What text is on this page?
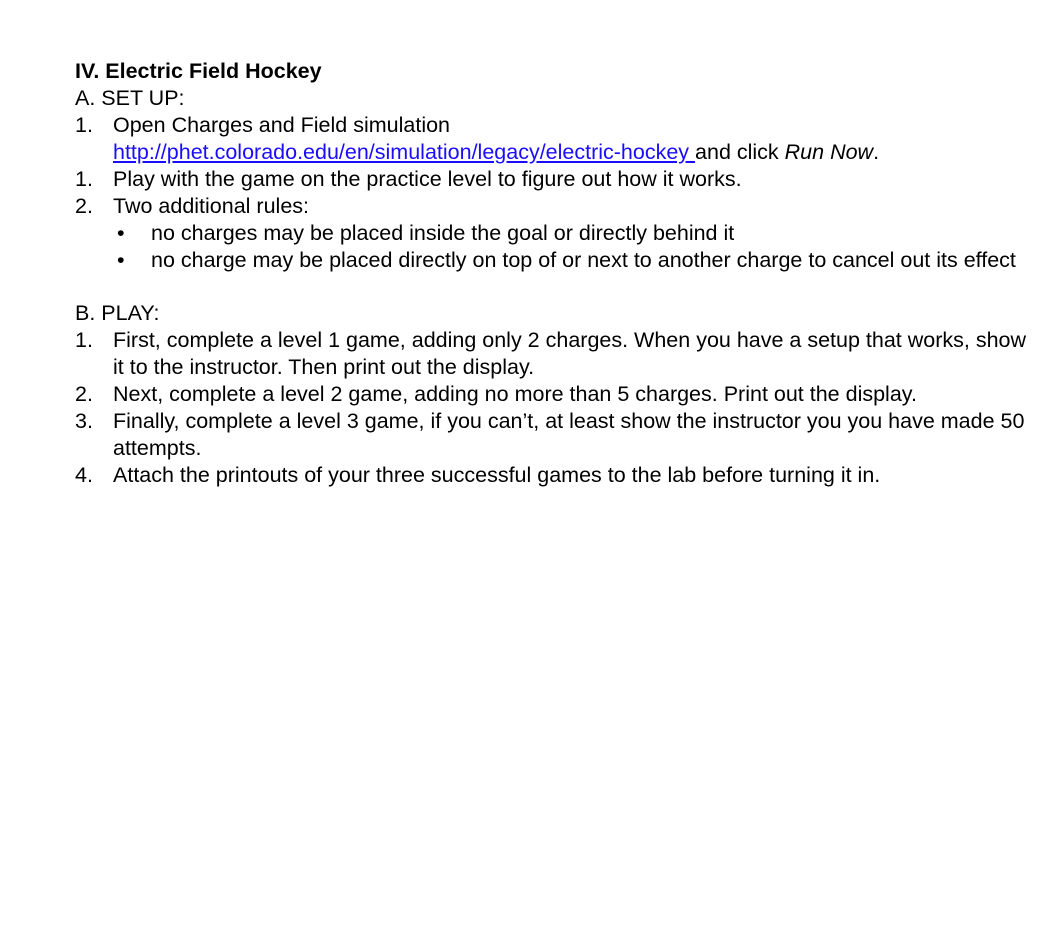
IV. Electric Field Hockey
A. SET UP:
1. Open Charges and Field simulation
http://phet.colorado.edu/en/simulation/legacy/electric-hockey and click Run Now.
1. Play with the game on the practice level to figure out how it works.
2. Two additional rules:
• no charges may be placed inside the goal or directly behind it
• no charge may be placed directly on top of or next to another charge to cancel out its effect
B. PLAY:
1. First, complete a level 1 game, adding only 2 charges. When you have a setup that works, show it to the instructor. Then print out the display.
2. Next, complete a level 2 game, adding no more than 5 charges. Print out the display.
3. Finally, complete a level 3 game, if you can’t, at least show the instructor you you have made 50 attempts.
4. Attach the printouts of your three successful games to the lab before turning it in.
